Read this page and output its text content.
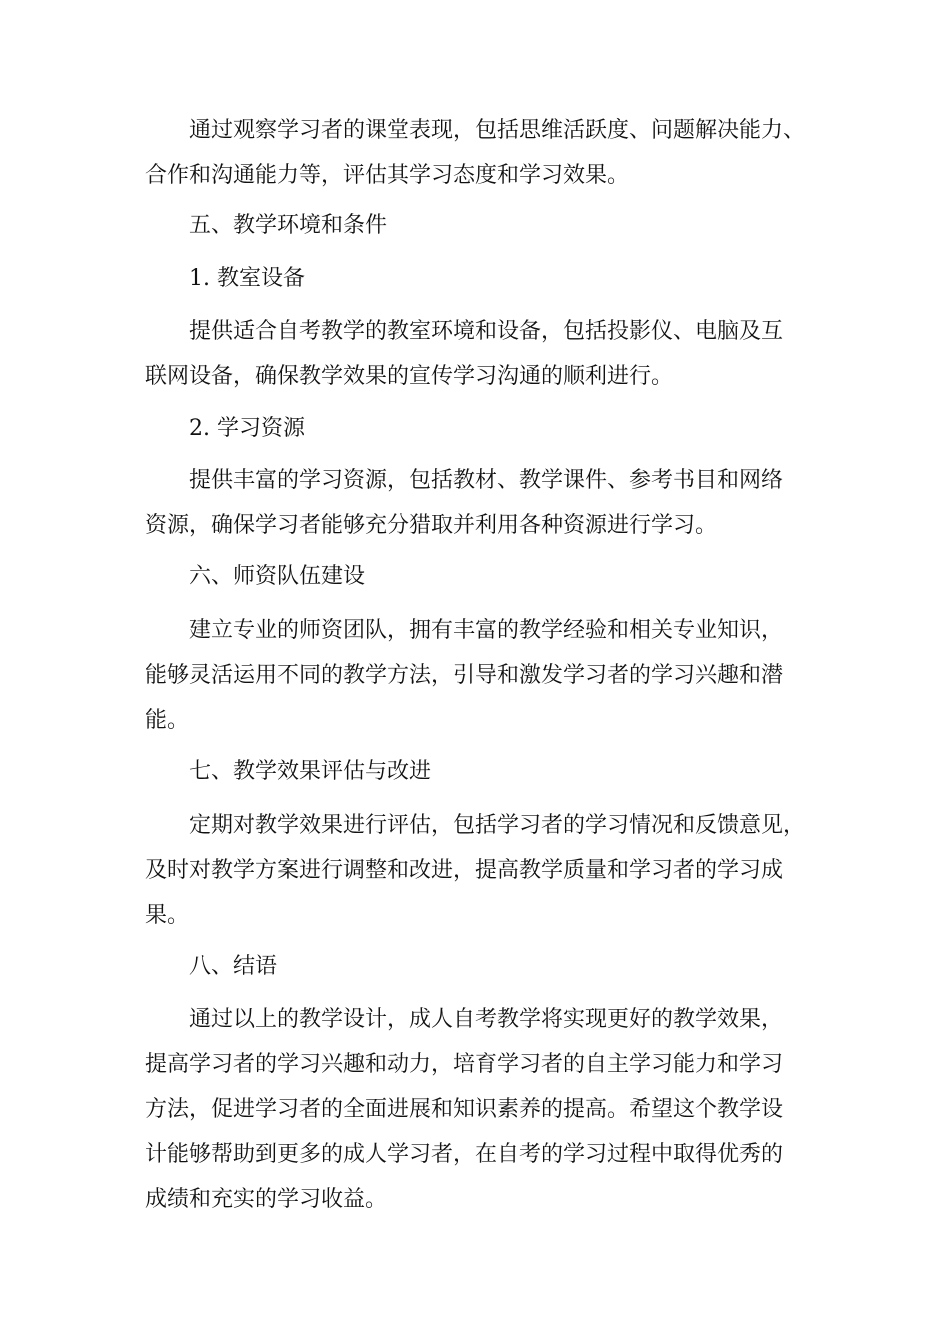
通过观察学习者的课堂表现，包括思维活跃度、问题解决能力、

合作和沟通能力等，评估其学习态度和学习效果。

五、教学环境和条件

1. 教室设备

提供适合自考教学的教室环境和设备，包括投影仪、电脑及互

联网设备，确保教学效果的宣传学习沟通的顺利进行。

2. 学习资源

提供丰富的学习资源，包括教材、教学课件、参考书目和网络

资源，确保学习者能够充分猎取并利用各种资源进行学习。

六、师资队伍建设

建立专业的师资团队，拥有丰富的教学经验和相关专业知识，

能够灵活运用不同的教学方法，引导和激发学习者的学习兴趣和潜

能。

七、教学效果评估与改进

定期对教学效果进行评估，包括学习者的学习情况和反馈意见，

及时对教学方案进行调整和改进，提高教学质量和学习者的学习成

果。

八、结语

通过以上的教学设计，成人自考教学将实现更好的教学效果，

提高学习者的学习兴趣和动力，培育学习者的自主学习能力和学习

方法，促进学习者的全面进展和知识素养的提高。希望这个教学设

计能够帮助到更多的成人学习者，在自考的学习过程中取得优秀的

成绩和充实的学习收益。
